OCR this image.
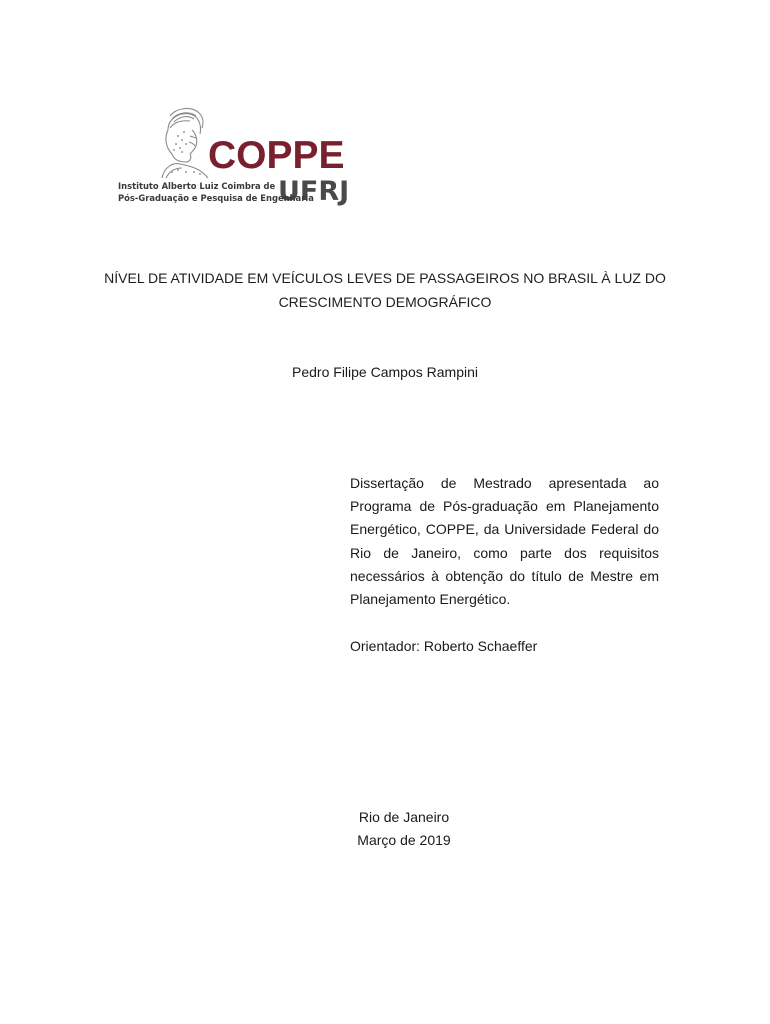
COPPE
UFRJ
Instituto Alberto Luiz Coimbra de
Pós-Graduação e Pesquisa de Engenharia
NÍVEL DE ATIVIDADE EM VEÍCULOS LEVES DE PASSAGEIROS NO BRASIL À LUZ DO CRESCIMENTO DEMOGRÁFICO
Pedro Filipe Campos Rampini
Dissertação de Mestrado apresentada ao Programa de Pós-graduação em Planejamento Energético, COPPE, da Universidade Federal do Rio de Janeiro, como parte dos requisitos necessários à obtenção do título de Mestre em Planejamento Energético.
Orientador: Roberto Schaeffer
Rio de Janeiro
Março de 2019
